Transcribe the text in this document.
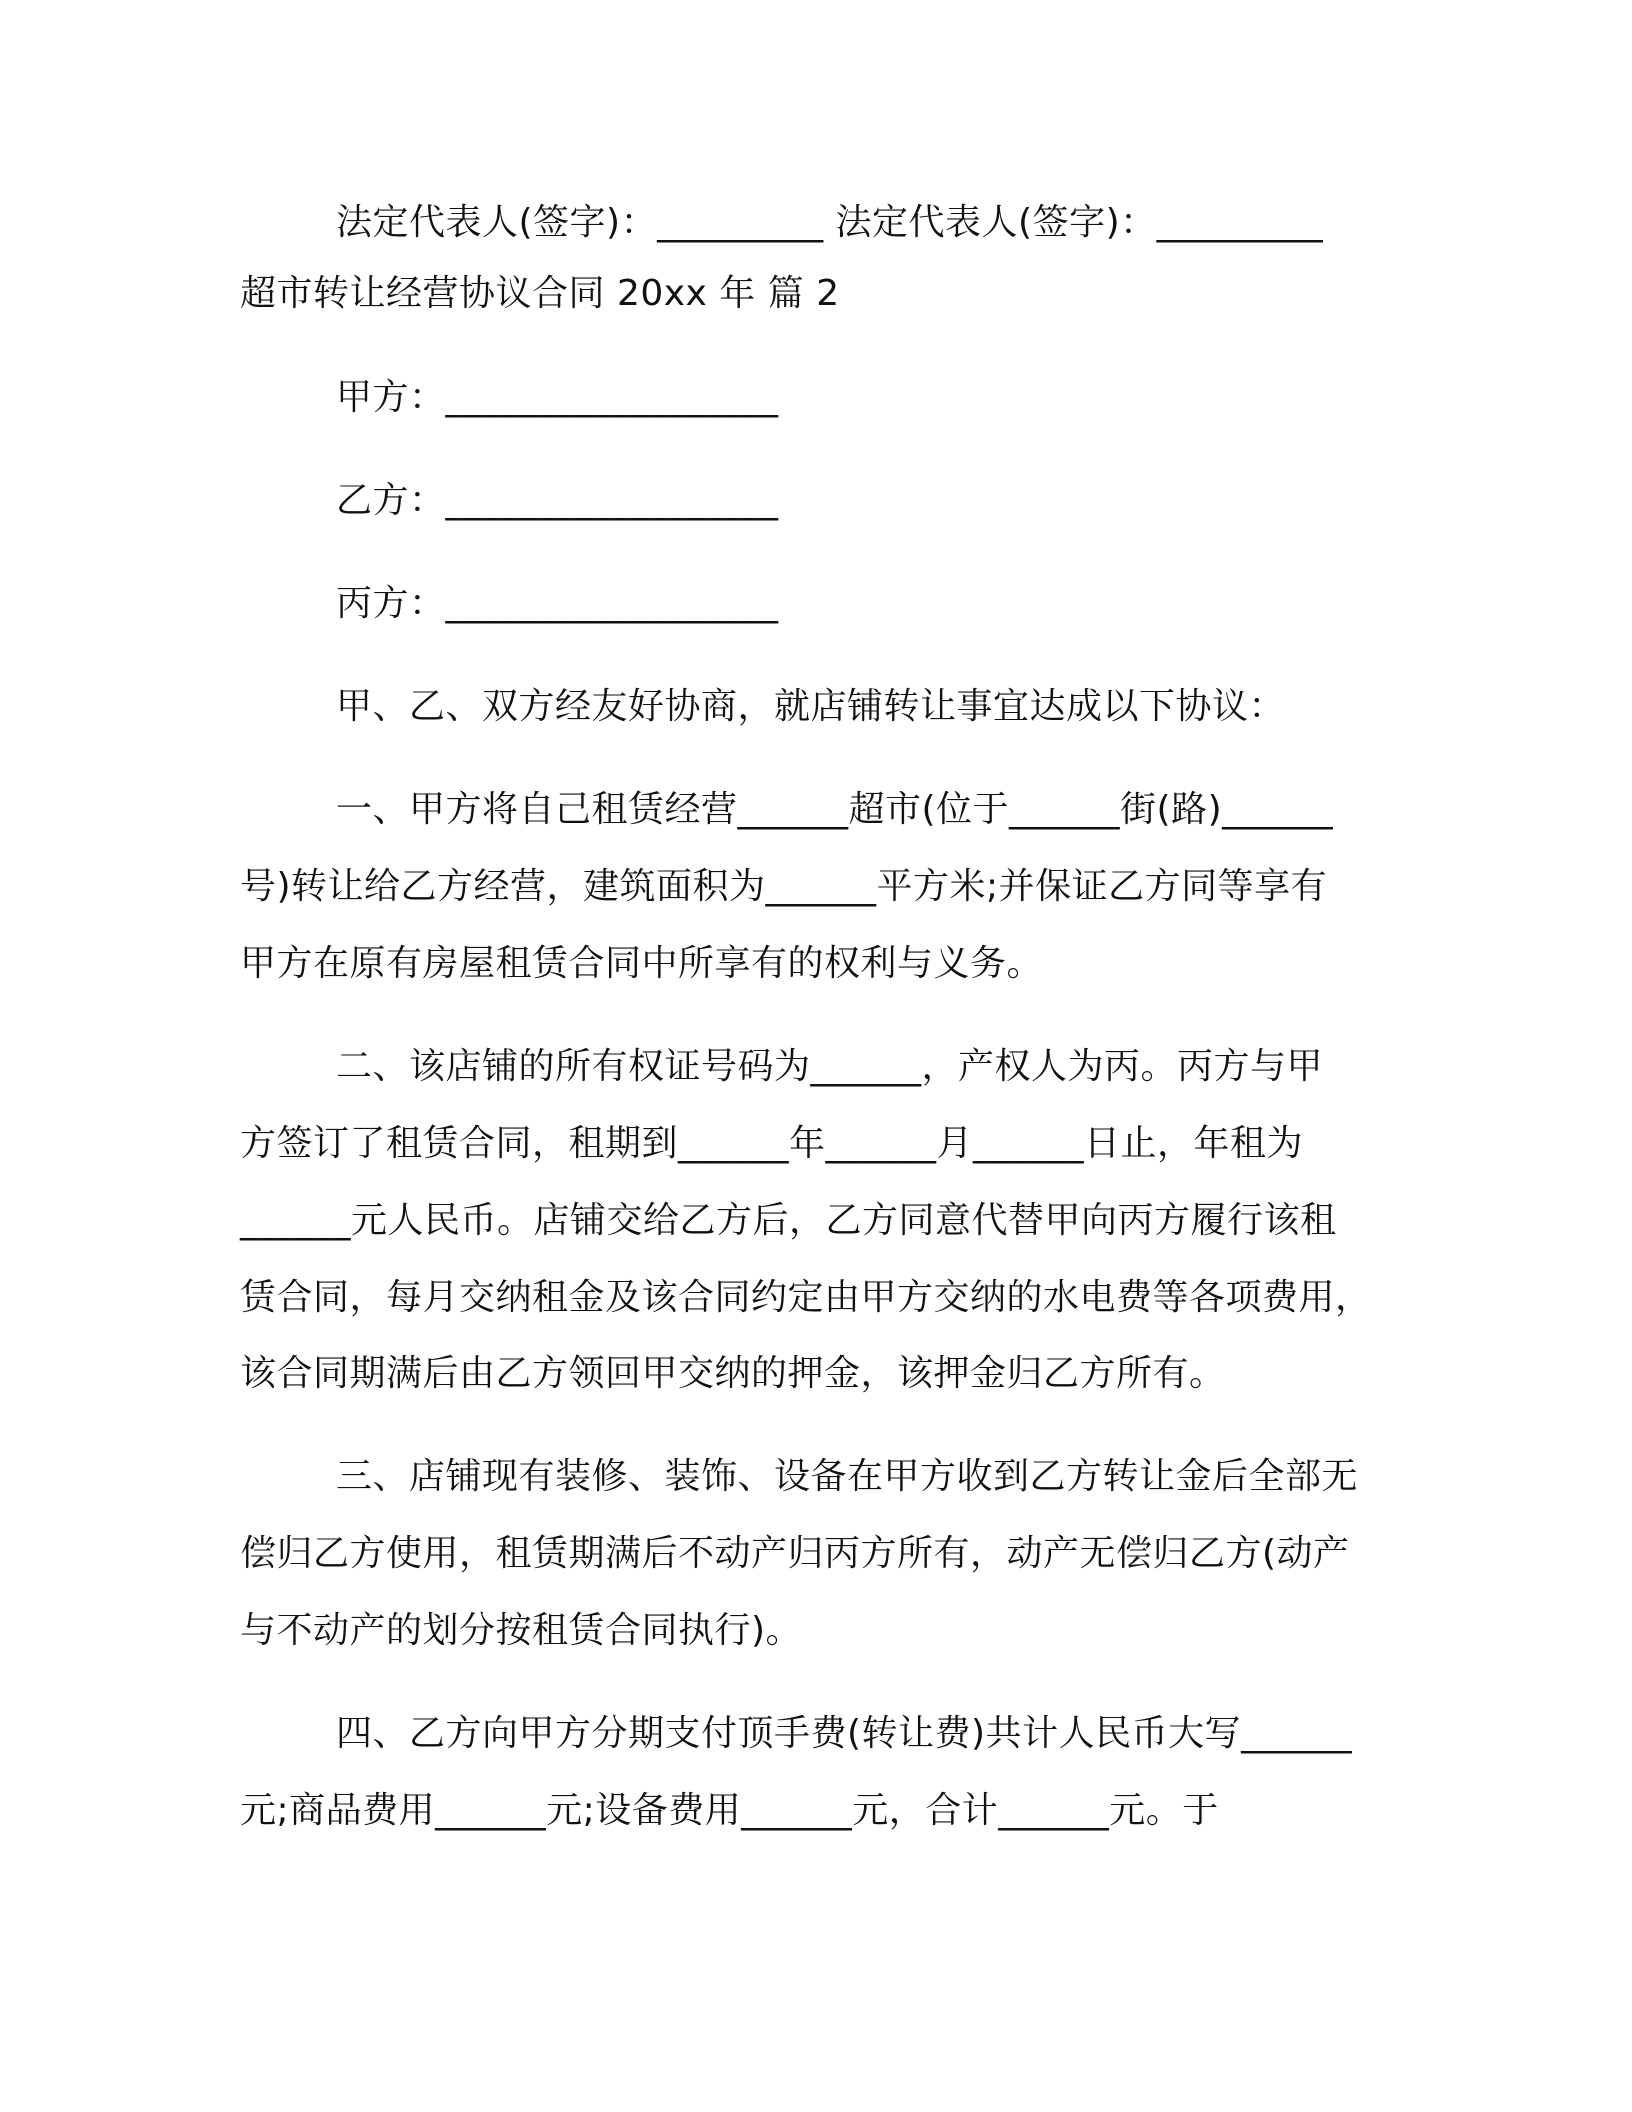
法定代表人(签字)：_________ 法定代表人(签字)：_________
超市转让经营协议合同 20xx 年 篇 2
甲方：__________________
乙方：__________________
丙方：__________________
甲、乙、双方经友好协商，就店铺转让事宜达成以下协议：
一、甲方将自己租赁经营______超市(位于______街(路)______
号)转让给乙方经营，建筑面积为______平方米;并保证乙方同等享有
甲方在原有房屋租赁合同中所享有的权利与义务。
二、该店铺的所有权证号码为______，产权人为丙。丙方与甲
方签订了租赁合同，租期到______年______月______日止，年租为
______元人民币。店铺交给乙方后，乙方同意代替甲向丙方履行该租
赁合同，每月交纳租金及该合同约定由甲方交纳的水电费等各项费用，
该合同期满后由乙方领回甲交纳的押金，该押金归乙方所有。
三、店铺现有装修、装饰、设备在甲方收到乙方转让金后全部无
偿归乙方使用，租赁期满后不动产归丙方所有，动产无偿归乙方(动产
与不动产的划分按租赁合同执行)。
四、乙方向甲方分期支付顶手费(转让费)共计人民币大写______
元;商品费用______元;设备费用______元，合计______元。于
